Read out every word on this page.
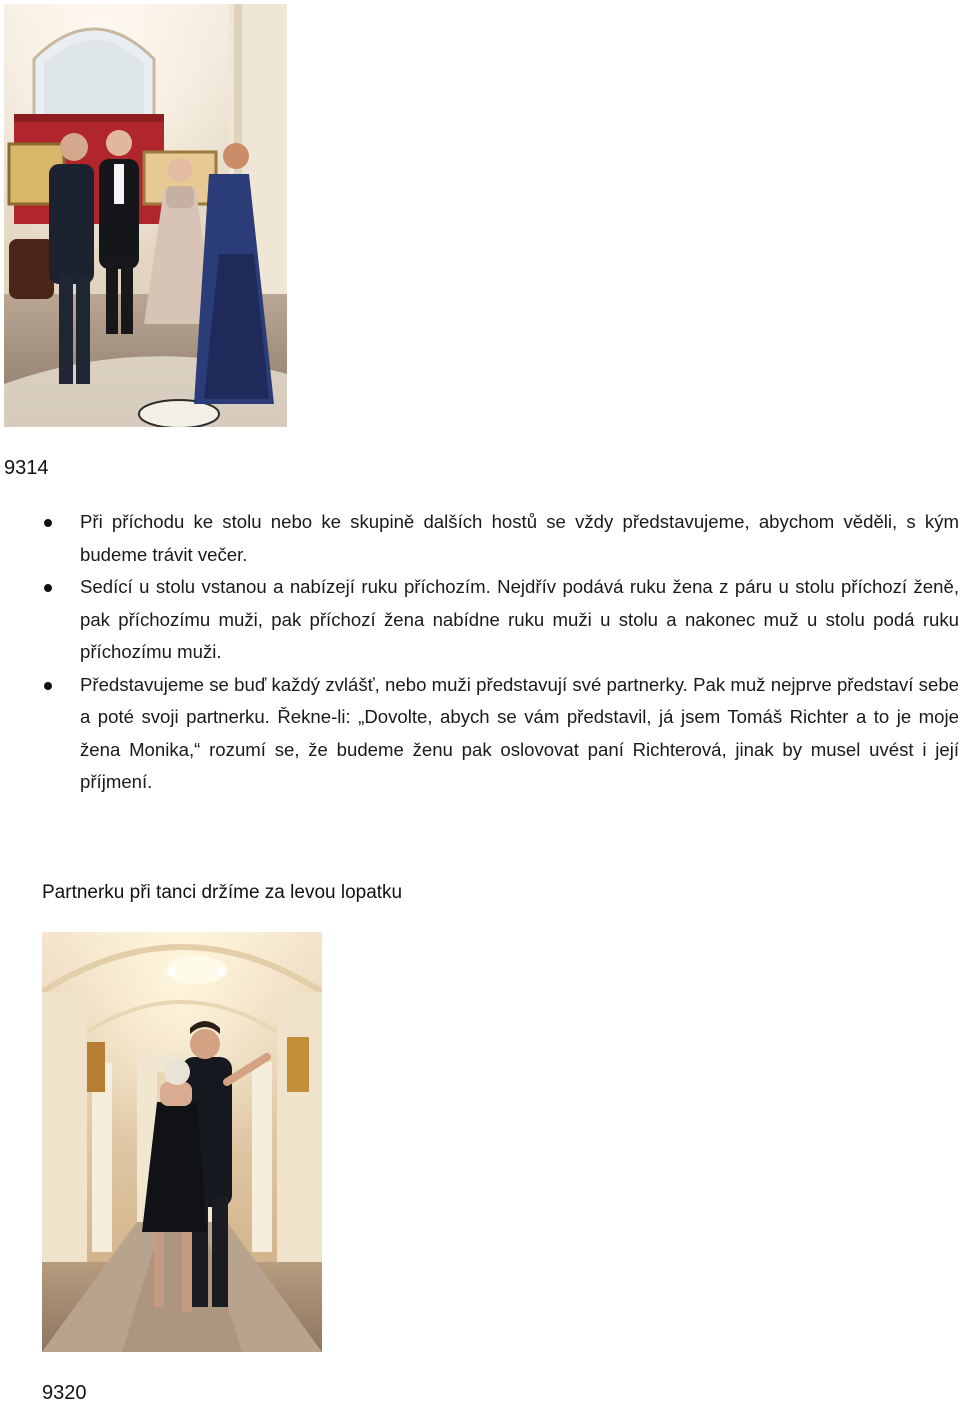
9314
Při příchodu ke stolu nebo ke skupině dalších hostů se vždy představujeme, abychom věděli, s kým budeme trávit večer.
Sedící u stolu vstanou a nabízejí ruku příchozím. Nejdřív podává ruku žena z páru u stolu příchozí ženě, pak příchozímu muži, pak příchozí žena nabídne ruku muži u stolu a nakonec muž u stolu podá ruku příchozímu muži.
Představujeme se buď každý zvlášť, nebo muži představují své partnerky. Pak muž nejprve představí sebe a poté svoji partnerku. Řekne-li: „Dovolte, abych se vám představil, já jsem Tomáš Richter a to je moje žena Monika,“ rozumí se, že budeme ženu pak oslovovat paní Richterová, jinak by musel uvést i její příjmení.
Partnerku při tanci držíme za levou lopatku
9320
